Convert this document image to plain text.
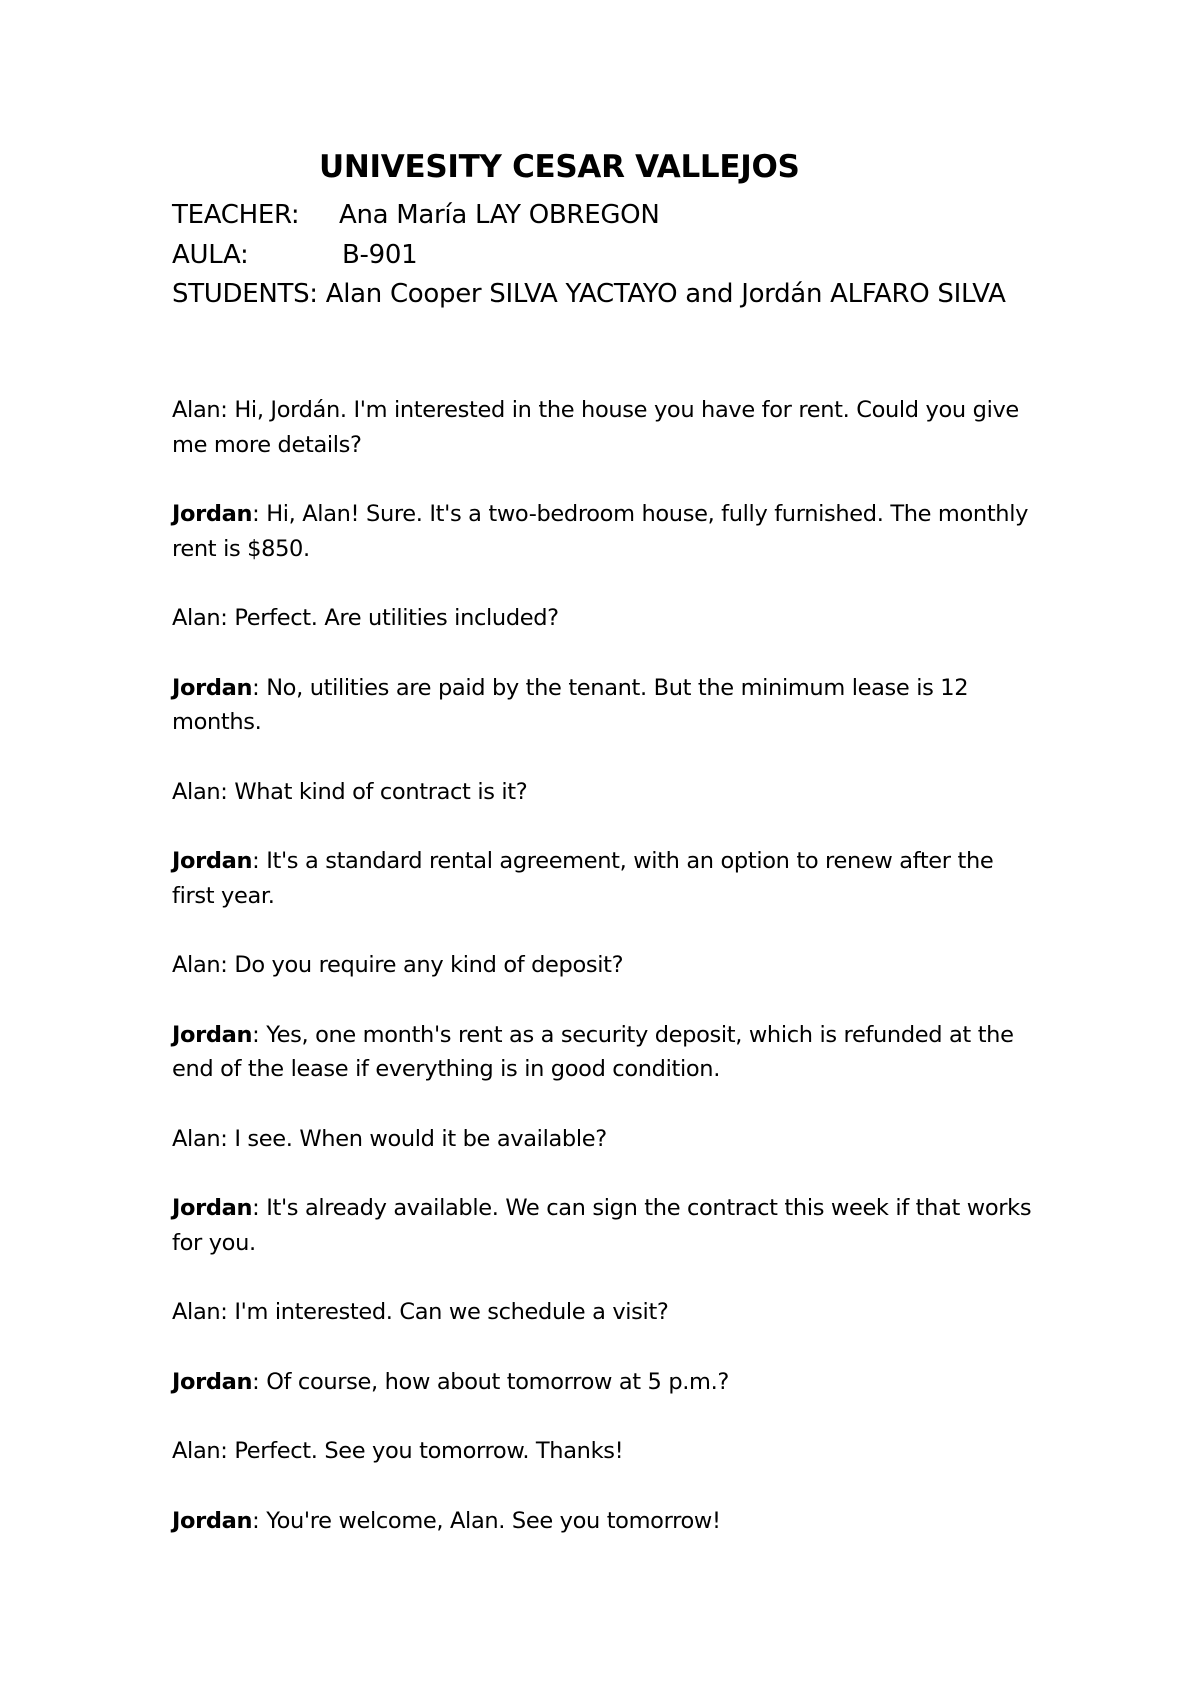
UNIVESITY CESAR VALLEJOS
TEACHER:	Ana María LAY OBREGON
AULA:	B-901
STUDENTS: Alan Cooper SILVA YACTAYO and Jordán ALFARO SILVA

Alan: Hi, Jordán. I'm interested in the house you have for rent. Could you give me more details?

Jordan: Hi, Alan! Sure. It's a two-bedroom house, fully furnished. The monthly rent is $850.

Alan: Perfect. Are utilities included?

Jordan: No, utilities are paid by the tenant. But the minimum lease is 12 months.

Alan: What kind of contract is it?

Jordan: It's a standard rental agreement, with an option to renew after the first year.

Alan: Do you require any kind of deposit?

Jordan: Yes, one month's rent as a security deposit, which is refunded at the end of the lease if everything is in good condition.

Alan: I see. When would it be available?

Jordan: It's already available. We can sign the contract this week if that works for you.

Alan: I'm interested. Can we schedule a visit?

Jordan: Of course, how about tomorrow at 5 p.m.?

Alan: Perfect. See you tomorrow. Thanks!

Jordan: You're welcome, Alan. See you tomorrow!
